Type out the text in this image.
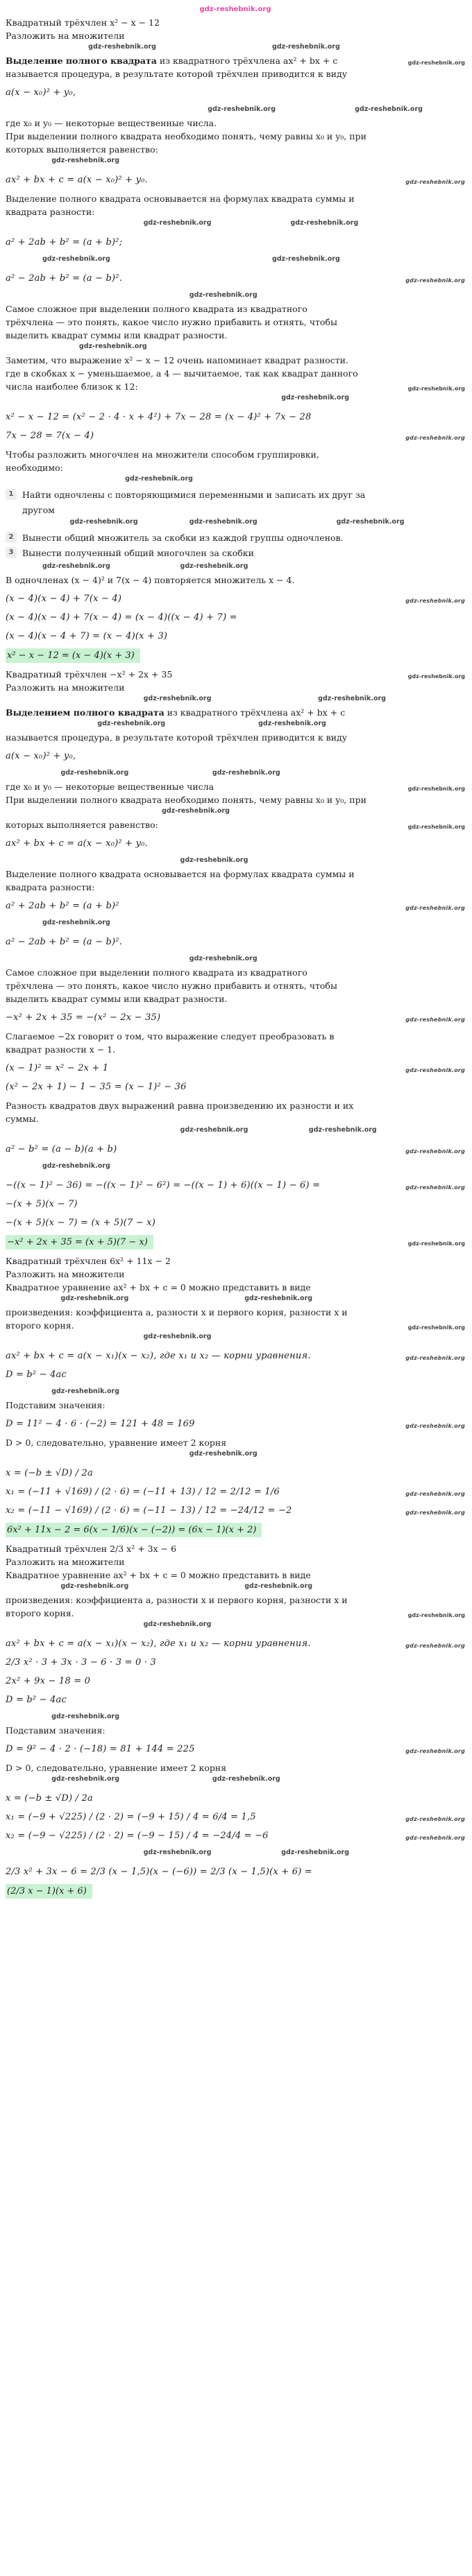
gdz-reshebnik.org
Квадратный трёхчлен x² − x − 12
Разложить на множители
gdz-reshebnik.org	gdz-reshebnik.org
Выделение полного квадрата из квадратного трёхчлена ax² + bx + c	gdz-reshebnik.org
называется процедура, в результате которой трёхчлен приводится к виду
a(x − x₀)² + y₀,
gdz-reshebnik.org	gdz-reshebnik.org
где x₀ и y₀ — некоторые вещественные числа.
При выделении полного квадрата необходимо понять, чему равны x₀ и y₀, при
которых выполняется равенство:
gdz-reshebnik.org
ax² + bx + c = a(x − x₀)² + y₀.	gdz-reshebnik.org
Выделение полного квадрата основывается на формулах квадрата суммы и
квадрата разности:
gdz-reshebnik.org	gdz-reshebnik.org
a² + 2ab + b² = (a + b)²;
gdz-reshebnik.org	gdz-reshebnik.org
a² − 2ab + b² = (a − b)².	gdz-reshebnik.org
gdz-reshebnik.org
Самое сложное при выделении полного квадрата из квадратного
трёхчлена — это понять, какое число нужно прибавить и отнять, чтобы
выделить квадрат суммы или квадрат разности.
gdz-reshebnik.org
Заметим, что выражение x² − x − 12 очень напоминает квадрат разности.
где в скобках x − уменьшаемое, а 4 — вычитаемое, так как квадрат данного
числа наиболее близок к 12:	gdz-reshebnik.org
gdz-reshebnik.org
x² − x − 12 = (x² − 2 · 4 · x + 4²) + 7x − 28 = (x − 4)² + 7x − 28
7x − 28 = 7(x − 4)	gdz-reshebnik.org
Чтобы разложить многочлен на множители способом группировки,
необходимо:
gdz-reshebnik.org
1	Найти одночлены с повторяющимися переменными и записать их друг за
другом
gdz-reshebnik.org	gdz-reshebnik.org	gdz-reshebnik.org
2	Вынести общий множитель за скобки из каждой группы одночленов.
3	Вынести полученный общий многочлен за скобки
gdz-reshebnik.org	gdz-reshebnik.org
В одночленах (x − 4)² и 7(x − 4) повторяется множитель x − 4.
(x − 4)(x − 4) + 7(x − 4)	gdz-reshebnik.org
(x − 4)(x − 4) + 7(x − 4) = (x − 4)((x − 4) + 7) =
(x − 4)(x − 4 + 7) = (x − 4)(x + 3)
x² − x − 12 = (x − 4)(x + 3)
Квадратный трёхчлен −x² + 2x + 35	gdz-reshebnik.org
Разложить на множители
gdz-reshebnik.org	gdz-reshebnik.org
Выделением полного квадрата из квадратного трёхчлена ax² + bx + c
gdz-reshebnik.org	gdz-reshebnik.org
называется процедура, в результате которой трёхчлен приводится к виду
a(x − x₀)² + y₀,
gdz-reshebnik.org	gdz-reshebnik.org
где x₀ и y₀ — некоторые вещественные числа	gdz-reshebnik.org
При выделении полного квадрата необходимо понять, чему равны x₀ и y₀, при
gdz-reshebnik.org
которых выполняется равенство:	gdz-reshebnik.org
ax² + bx + c = a(x − x₀)² + y₀.
gdz-reshebnik.org
Выделение полного квадрата основывается на формулах квадрата суммы и
квадрата разности:
a² + 2ab + b² = (a + b)²	gdz-reshebnik.org
gdz-reshebnik.org
a² − 2ab + b² = (a − b)².
gdz-reshebnik.org
Самое сложное при выделении полного квадрата из квадратного
трёхчлена — это понять, какое число нужно прибавить и отнять, чтобы
выделить квадрат суммы или квадрат разности.
−x² + 2x + 35 = −(x² − 2x − 35)	gdz-reshebnik.org
Слагаемое −2x говорит о том, что выражение следует преобразовать в
квадрат разности x − 1.
(x − 1)² = x² − 2x + 1	gdz-reshebnik.org
(x² − 2x + 1) − 1 − 35 = (x − 1)² − 36
Разность квадратов двух выражений равна произведению их разности и их
суммы.
gdz-reshebnik.org	gdz-reshebnik.org
a² − b² = (a − b)(a + b)	gdz-reshebnik.org
gdz-reshebnik.org
−((x − 1)² − 36) = −((x − 1)² − 6²) = −((x − 1) + 6)((x − 1) − 6) =	gdz-reshebnik.org
−(x + 5)(x − 7)
−(x + 5)(x − 7) = (x + 5)(7 − x)
−x² + 2x + 35 = (x + 5)(7 − x)	gdz-reshebnik.org
Квадратный трёхчлен 6x² + 11x − 2
Разложить на множители
Квадратное уравнение ax² + bx + c = 0 можно представить в виде
gdz-reshebnik.org	gdz-reshebnik.org
произведения: коэффициента a, разности x и первого корня, разности x и
второго корня.	gdz-reshebnik.org
gdz-reshebnik.org
ax² + bx + c = a(x − x₁)(x − x₂), где x₁ и x₂ — корни уравнения.	gdz-reshebnik.org
D = b² − 4ac
gdz-reshebnik.org
Подставим значения:
D = 11² − 4 · 6 · (−2) = 121 + 48 = 169	gdz-reshebnik.org
D > 0, следовательно, уравнение имеет 2 корня
gdz-reshebnik.org
x = (−b ± √D) / 2a
x₁ = (−11 + √169) / (2 · 6) = (−11 + 13) / 12 = 2/12 = 1/6	gdz-reshebnik.org
x₂ = (−11 − √169) / (2 · 6) = (−11 − 13) / 12 = −24/12 = −2	gdz-reshebnik.org
6x² + 11x − 2 = 6(x − 1/6)(x − (−2)) = (6x − 1)(x + 2)
Квадратный трёхчлен 2/3 x² + 3x − 6
Разложить на множители
Квадратное уравнение ax² + bx + c = 0 можно представить в виде
gdz-reshebnik.org	gdz-reshebnik.org
произведения: коэффициента a, разности x и первого корня, разности x и
второго корня.	gdz-reshebnik.org
gdz-reshebnik.org
ax² + bx + c = a(x − x₁)(x − x₂), где x₁ и x₂ — корни уравнения.	gdz-reshebnik.org
2/3 x² · 3 + 3x · 3 − 6 · 3 = 0 · 3
2x² + 9x − 18 = 0
D = b² − 4ac
gdz-reshebnik.org
Подставим значения:
D = 9² − 4 · 2 · (−18) = 81 + 144 = 225	gdz-reshebnik.org
D > 0, следовательно, уравнение имеет 2 корня
gdz-reshebnik.org	gdz-reshebnik.org
x = (−b ± √D) / 2a
x₁ = (−9 + √225) / (2 · 2) = (−9 + 15) / 4 = 6/4 = 1,5	gdz-reshebnik.org
x₂ = (−9 − √225) / (2 · 2) = (−9 − 15) / 4 = −24/4 = −6	gdz-reshebnik.org
gdz-reshebnik.org	gdz-reshebnik.org
2/3 x² + 3x − 6 = 2/3 (x − 1,5)(x − (−6)) = 2/3 (x − 1,5)(x + 6) =
(2/3 x − 1)(x + 6)
